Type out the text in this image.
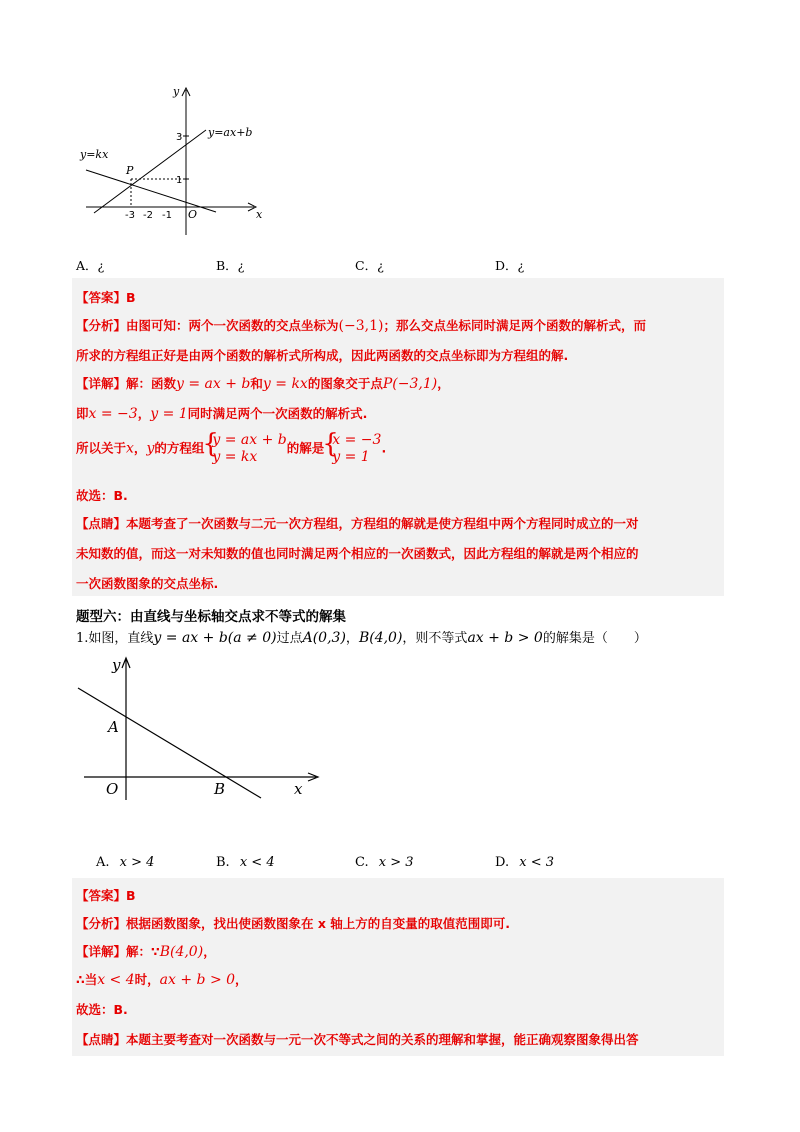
y
x
y=ax+b
y=kx
P
O
3
1
-3 -2 -1
A．¿	B．¿	C．¿	D．¿
【答案】B
【分析】由图可知：两个一次函数的交点坐标为(−3,1)；那么交点坐标同时满足两个函数的解析式，而
所求的方程组正好是由两个函数的解析式所构成，因此两函数的交点坐标即为方程组的解.
【详解】解：函数y = ax + b和y = kx的图象交于点P(−3,1)，
即x = −3，y = 1同时满足两个一次函数的解析式.
所以关于x，y的方程组 { y = ax + b
y = kx
的解是 { x = −3
y = 1
.
故选：B.
【点睛】本题考查了一次函数与二元一次方程组，方程组的解就是使方程组中两个方程同时成立的一对
未知数的值，而这一对未知数的值也同时满足两个相应的一次函数式，因此方程组的解就是两个相应的
一次函数图象的交点坐标.
题型六：由直线与坐标轴交点求不等式的解集
1.如图，直线y = ax + b(a ≠ 0)过点A(0,3)，B(4,0)，则不等式ax + b > 0的解集是（　　）
y
x
A
B
O
A. x > 4	B. x < 4	C. x > 3	D. x < 3
【答案】B
【分析】根据函数图象，找出使函数图象在 x 轴上方的自变量的取值范围即可.
【详解】解：∵B(4,0)，
∴当x < 4时，ax + b > 0，
故选：B.
【点睛】本题主要考查对一次函数与一元一次不等式之间的关系的理解和掌握，能正确观察图象得出答
